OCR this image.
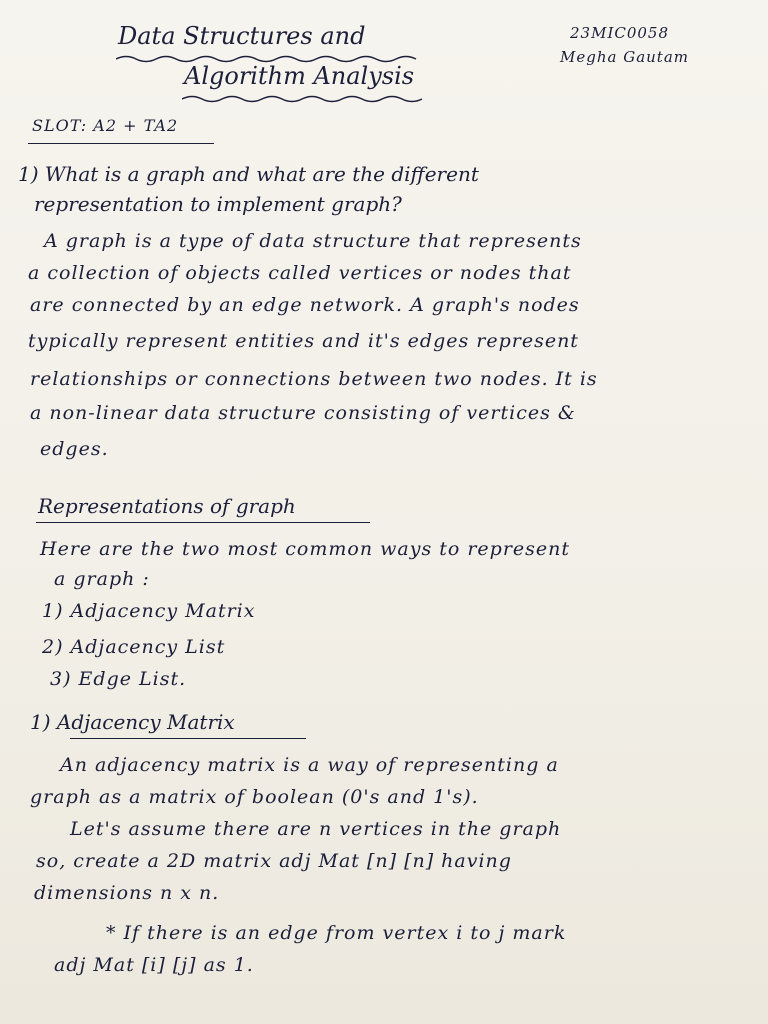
Data Structures and
Algorithm Analysis
23MIC0058
Megha Gautam
SLOT: A2 + TA2
1) What is a graph and what are the different
representation to implement graph?
A graph is a type of data structure that represents
a collection of objects called vertices or nodes that
are connected by an edge network. A graph's nodes
typically represent entities and it's edges represent
relationships or connections between two nodes. It is
a non-linear data structure consisting of vertices &
edges.
Representations of graph
Here are the two most common ways to represent
a graph :
1) Adjacency Matrix
2) Adjacency List
3) Edge List.
1) Adjacency Matrix
An adjacency matrix is a way of representing a
graph as a matrix of boolean (0's and 1's).
Let's assume there are n vertices in the graph
so, create a 2D matrix adj Mat [n] [n] having
dimensions n x n.
* If there is an edge from vertex i to j mark
adj Mat [i] [j] as 1.
